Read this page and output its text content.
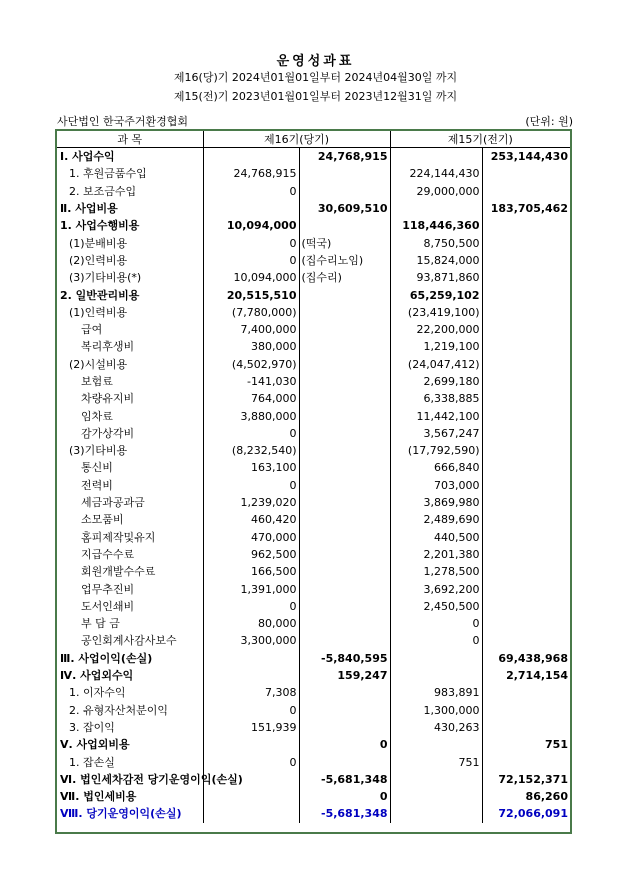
운영성과표
제16(당)기 2024년01월01일부터 2024년04월30일 까지
제15(전)기 2023년01월01일부터 2023년12월31일 까지
사단법인 한국주거환경협회	(단위: 원)
과 목	제16기(당기)		제15기(전기)	
Ⅰ. 사업수익		24,768,915		253,144,430
1. 후원금품수입	24,768,915		224,144,430	
2. 보조금수입	0		29,000,000	
Ⅱ. 사업비용		30,609,510		183,705,462
1. 사업수행비용	10,094,000		118,446,360	
(1)분배비용	0	(떡국)	8,750,500	
(2)인력비용	0	(집수리노임)	15,824,000	
(3)기타비용(*)	10,094,000	(집수리)	93,871,860	
2. 일반관리비용	20,515,510		65,259,102	
(1)인력비용	(7,780,000)		(23,419,100)	
급여	7,400,000		22,200,000	
복리후생비	380,000		1,219,100	
(2)시설비용	(4,502,970)		(24,047,412)	
보험료	-141,030		2,699,180	
차량유지비	764,000		6,338,885	
임차료	3,880,000		11,442,100	
감가상각비	0		3,567,247	
(3)기타비용	(8,232,540)		(17,792,590)	
통신비	163,100		666,840	
전력비	0		703,000	
세금과공과금	1,239,020		3,869,980	
소모품비	460,420		2,489,690	
홈피제작및유지	470,000		440,500	
지급수수료	962,500		2,201,380	
회원개발수수료	166,500		1,278,500	
업무추진비	1,391,000		3,692,200	
도서인쇄비	0		2,450,500	
부 담 금	80,000		0	
공인회계사감사보수	3,300,000		0	
Ⅲ. 사업이익(손실)		-5,840,595		69,438,968
Ⅳ. 사업외수익		159,247		2,714,154
1. 이자수익	7,308		983,891	
2. 유형자산처분이익	0		1,300,000	
3. 잡이익	151,939		430,263	
Ⅴ. 사업외비용		0		751
1. 잡손실	0		751	
Ⅵ. 법인세차감전 당기운영이익(손실)		-5,681,348		72,152,371
Ⅶ. 법인세비용		0		86,260
Ⅷ. 당기운영이익(손실)		-5,681,348		72,066,091
